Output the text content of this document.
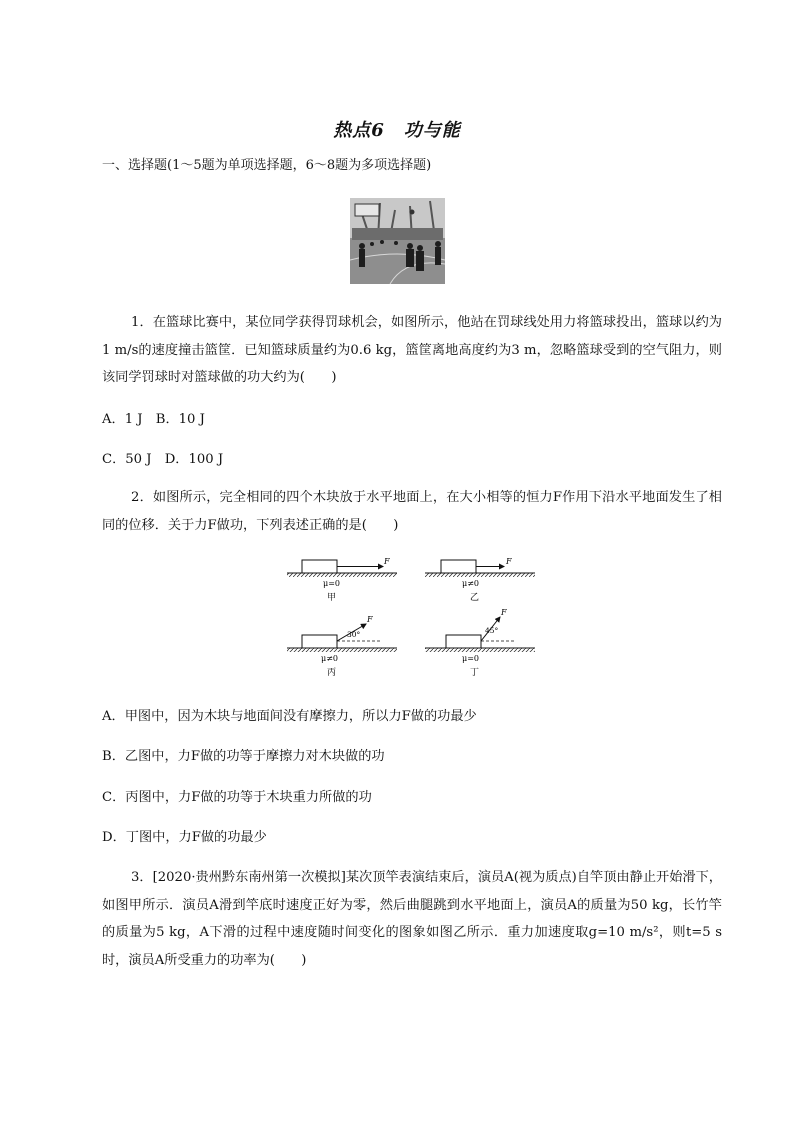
热点6　功与能
一、选择题(1～5题为单项选择题，6～8题为多项选择题)
1．在篮球比赛中，某位同学获得罚球机会，如图所示，他站在罚球线处用力将篮球投出，篮球以约为1 m/s的速度撞击篮筐．已知篮球质量约为0.6 kg，篮筐离地高度约为3 m，忽略篮球受到的空气阻力，则该同学罚球时对篮球做的功大约为(　　)
A．1 J　B．10 J
C．50 J　D．100 J
2．如图所示，完全相同的四个木块放于水平地面上，在大小相等的恒力F作用下沿水平地面发生了相同的位移．关于力F做功，下列表述正确的是(　　)
F
μ=0
甲
F
μ≠0
乙
F
30°
μ≠0
丙
F
45°
μ=0
丁
A．甲图中，因为木块与地面间没有摩擦力，所以力F做的功最少
B．乙图中，力F做的功等于摩擦力对木块做的功
C．丙图中，力F做的功等于木块重力所做的功
D．丁图中，力F做的功最少
3．[2020·贵州黔东南州第一次模拟]某次顶竿表演结束后，演员A(视为质点)自竿顶由静止开始滑下，如图甲所示．演员A滑到竿底时速度正好为零，然后曲腿跳到水平地面上，演员A的质量为50 kg，长竹竿的质量为5 kg，A下滑的过程中速度随时间变化的图象如图乙所示．重力加速度取g=10 m/s²，则t=5 s时，演员A所受重力的功率为(　　)
